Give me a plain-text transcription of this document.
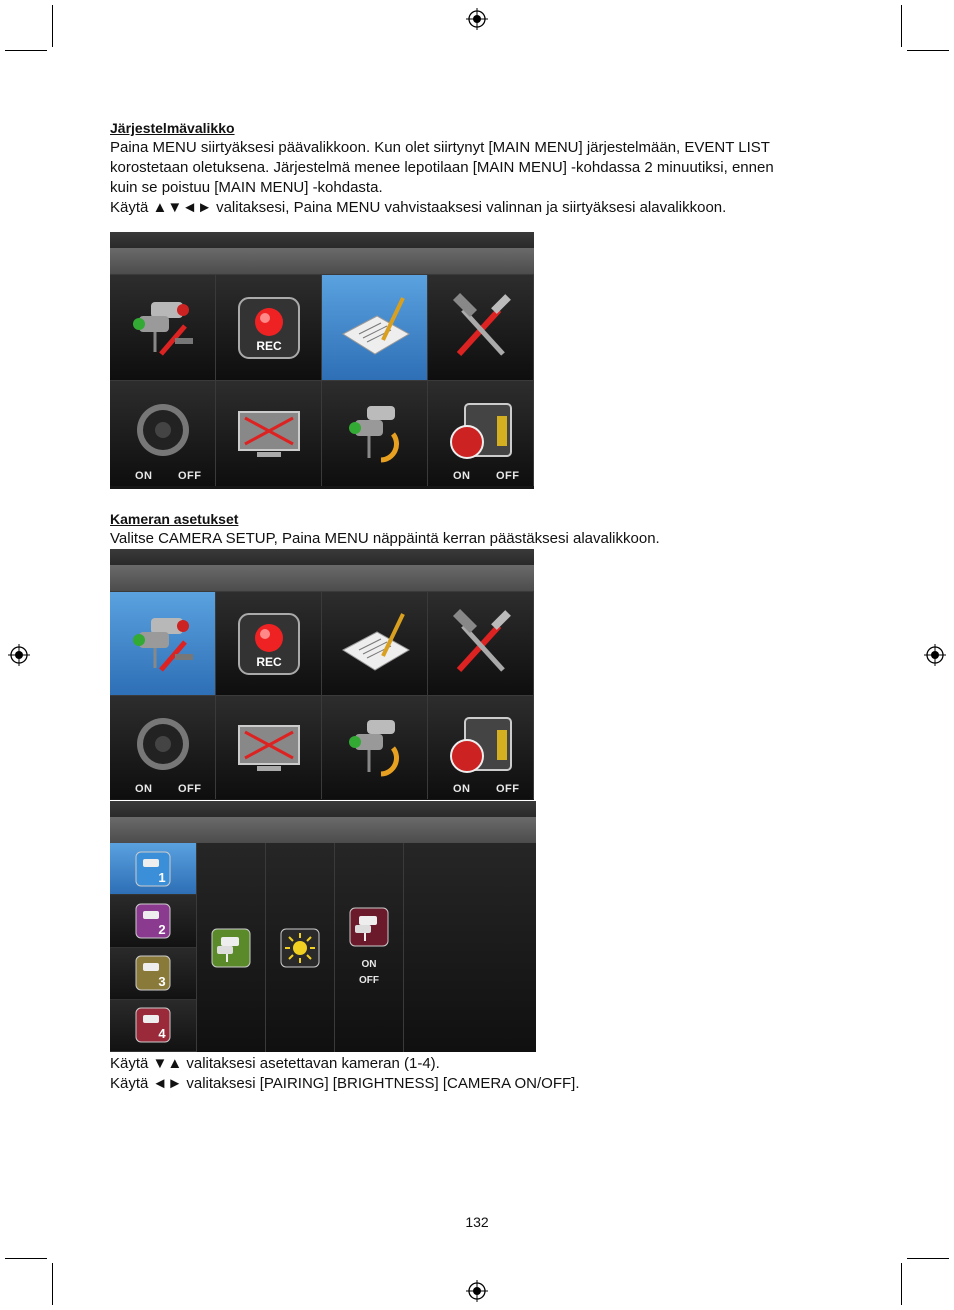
Järjestelmävalikko

Paina MENU siirtyäksesi päävalikkoon. Kun olet siirtynyt [MAIN MENU] järjestelmään, EVENT LIST

korostetaan oletuksena. Järjestelmä menee lepotilaan [MAIN MENU] -kohdassa 2 minuutiksi, ennen

kuin se poistuu [MAIN MENU] -kohdasta.

Käytä ▲▼◄► valitaksesi, Paina MENU vahvistaaksesi valinnan ja siirtyäksesi alavalikkoon.

REC
ON OFF	ON OFF

Kameran asetukset

Valitse CAMERA SETUP, Paina MENU näppäintä kerran päästäksesi alavalikkoon.

REC
ON OFF	ON OFF
1
2
3
4
ON
OFF

Käytä ▼▲ valitaksesi asetettavan kameran (1-4).

Käytä ◄► valitaksesi [PAIRING] [BRIGHTNESS] [CAMERA ON/OFF].

132
